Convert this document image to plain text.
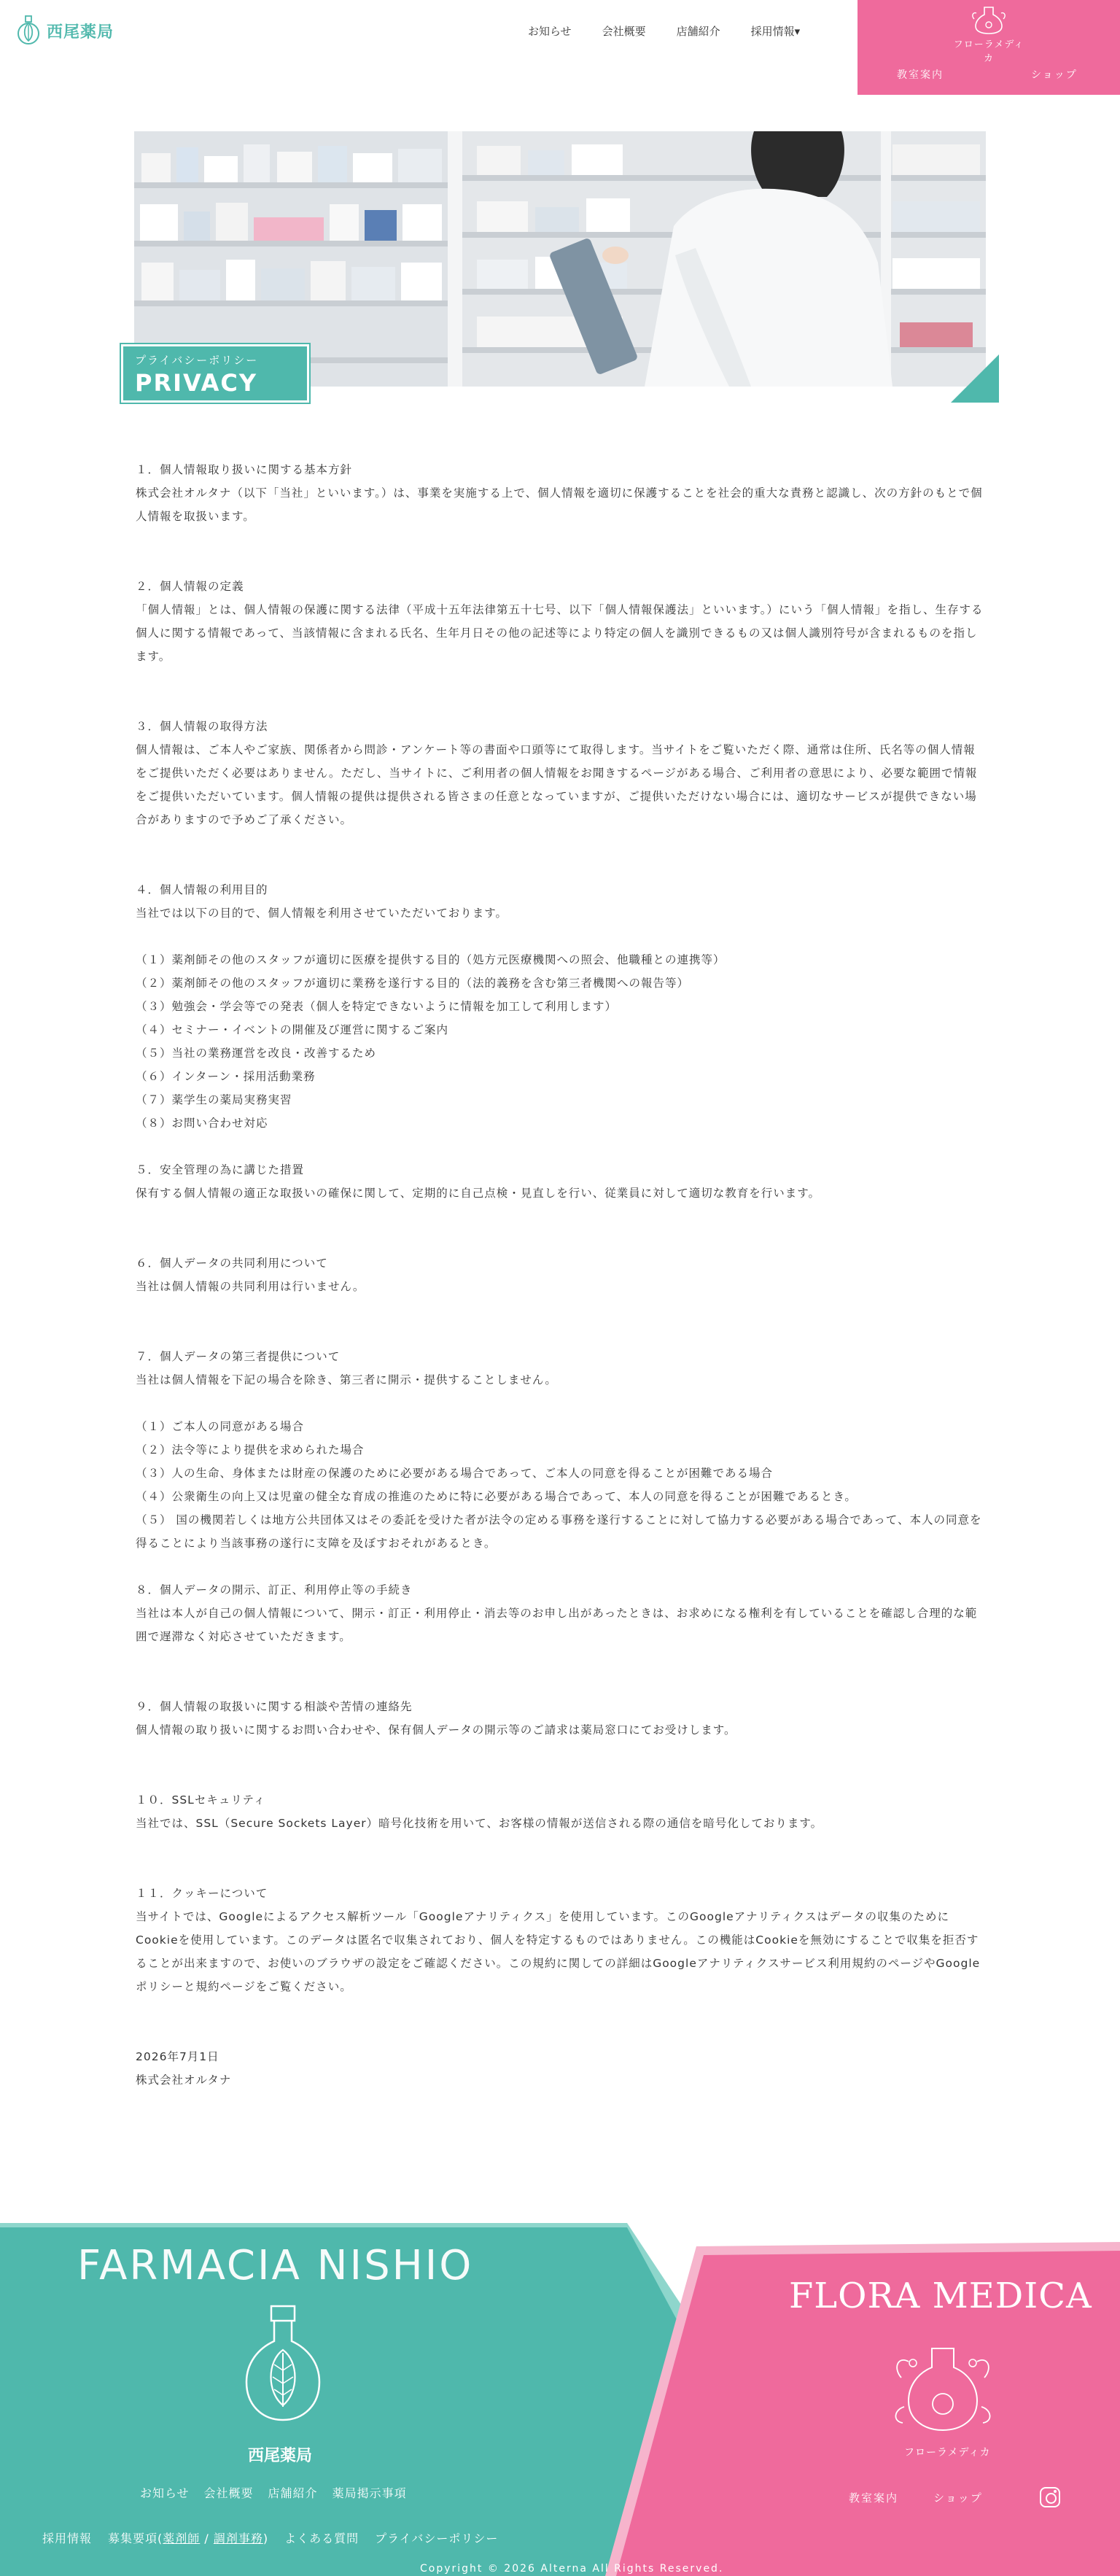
西尾薬局	お知らせ	会社概要	店舗紹介	採用情報▾
フローラメディカ
教室案内	ショップ
プライバシーポリシー
PRIVACY
１．個人情報取り扱いに関する基本方針

株式会社オルタナ（以下「当社」といいます。）は、事業を実施する上で、個人情報を適切に保護することを社会的重大な責務と認識し、次の方針のもとで個人情報を取扱います。

２．個人情報の定義

「個人情報」とは、個人情報の保護に関する法律（平成十五年法律第五十七号、以下「個人情報保護法」といいます。）にいう「個人情報」を指し、生存する個人に関する情報であって、当該情報に含まれる氏名、生年月日その他の記述等により特定の個人を識別できるもの又は個人識別符号が含まれるものを指します。

３．個人情報の取得方法

個人情報は、ご本人やご家族、関係者から問診・アンケート等の書面や口頭等にて取得します。当サイトをご覧いただく際、通常は住所、氏名等の個人情報をご提供いただく必要はありません。ただし、当サイトに、ご利用者の個人情報をお聞きするページがある場合、ご利用者の意思により、必要な範囲で情報をご提供いただいています。個人情報の提供は提供される皆さまの任意となっていますが、ご提供いただけない場合には、適切なサービスが提供できない場合がありますので予めご了承ください。

４．個人情報の利用目的

当社では以下の目的で、個人情報を利用させていただいております。

（１）薬剤師その他のスタッフが適切に医療を提供する目的（処方元医療機関への照会、他職種との連携等）
（２）薬剤師その他のスタッフが適切に業務を遂行する目的（法的義務を含む第三者機関への報告等）
（３）勉強会・学会等での発表（個人を特定できないように情報を加工して利用します）
（４）セミナー・イベントの開催及び運営に関するご案内
（５）当社の業務運営を改良・改善するため
（６）インターン・採用活動業務
（７）薬学生の薬局実務実習
（８）お問い合わせ対応
５．安全管理の為に講じた措置

保有する個人情報の適正な取扱いの確保に関して、定期的に自己点検・見直しを行い、従業員に対して適切な教育を行います。

６．個人データの共同利用について

当社は個人情報の共同利用は行いません。

７．個人データの第三者提供について

当社は個人情報を下記の場合を除き、第三者に開示・提供することしません。

（１）ご本人の同意がある場合
（２）法令等により提供を求められた場合
（３）人の生命、身体または財産の保護のために必要がある場合であって、ご本人の同意を得ることが困難である場合
（４）公衆衛生の向上又は児童の健全な育成の推進のために特に必要がある場合であって、本人の同意を得ることが困難であるとき。
（５） 国の機関若しくは地方公共団体又はその委託を受けた者が法令の定める事務を遂行することに対して協力する必要がある場合であって、本人の同意を得ることにより当該事務の遂行に支障を及ぼすおそれがあるとき。
８．個人データの開示、訂正、利用停止等の手続き

当社は本人が自己の個人情報について、開示・訂正・利用停止・消去等のお申し出があったときは、お求めになる権利を有していることを確認し合理的な範囲で遅滞なく対応させていただきます。

９．個人情報の取扱いに関する相談や苦情の連絡先

個人情報の取り扱いに関するお問い合わせや、保有個人データの開示等のご請求は薬局窓口にてお受けします。

１０．SSLセキュリティ

当社では、SSL（Secure Sockets Layer）暗号化技術を用いて、お客様の情報が送信される際の通信を暗号化しております。

１１．クッキーについて

当サイトでは、Googleによるアクセス解析ツール「Googleアナリティクス」を使用しています。このGoogleアナリティクスはデータの収集のためにCookieを使用しています。このデータは匿名で収集されており、個人を特定するものではありません。この機能はCookieを無効にすることで収集を拒否することが出来ますので、お使いのブラウザの設定をご確認ください。この規約に関しての詳細はGoogleアナリティクスサービス利用規約のページやGoogleポリシーと規約ページをご覧ください。

2026年7月1日
株式会社オルタナ
FARMACIA NISHIO
西尾薬局
お知らせ 会社概要 店舗紹介 薬局掲示事項
採用情報 募集要項(薬剤師 / 調剤事務) よくある質問 プライバシーポリシー
Copyright © 2026 Alterna All Rights Reserved.
FLORA MEDICA
フローラメディカ
教室案内	ショップ
